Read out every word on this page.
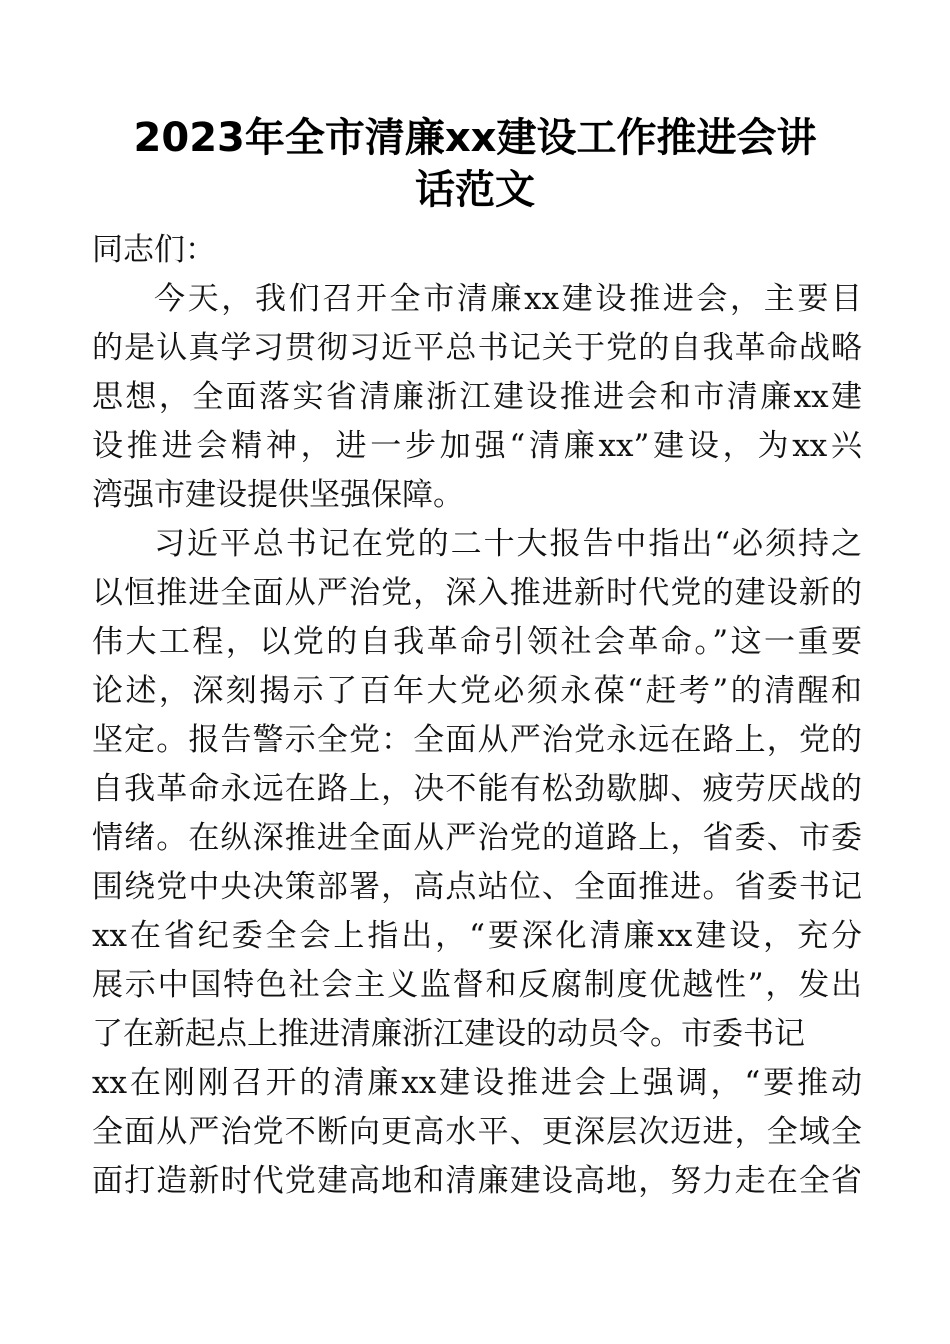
2023年全市清廉xx建设工作推进会讲
话范文
同志们：
今天，我们召开全市清廉xx建设推进会，主要目
的是认真学习贯彻习近平总书记关于党的自我革命战略
思想，全面落实省清廉浙江建设推进会和市清廉xx建
设推进会精神，进一步加强“清廉xx”建设，为xx兴
湾强市建设提供坚强保障。
习近平总书记在党的二十大报告中指出“必须持之
以恒推进全面从严治党，深入推进新时代党的建设新的
伟大工程，以党的自我革命引领社会革命。”这一重要
论述，深刻揭示了百年大党必须永葆“赶考”的清醒和
坚定。报告警示全党：全面从严治党永远在路上，党的
自我革命永远在路上，决不能有松劲歇脚、疲劳厌战的
情绪。在纵深推进全面从严治党的道路上，省委、市委
围绕党中央决策部署，高点站位、全面推进。省委书记
xx在省纪委全会上指出，“要深化清廉xx建设，充分
展示中国特色社会主义监督和反腐制度优越性”，发出
了在新起点上推进清廉浙江建设的动员令。市委书记
xx在刚刚召开的清廉xx建设推进会上强调，“要推动
全面从严治党不断向更高水平、更深层次迈进，全域全
面打造新时代党建高地和清廉建设高地，努力走在全省
